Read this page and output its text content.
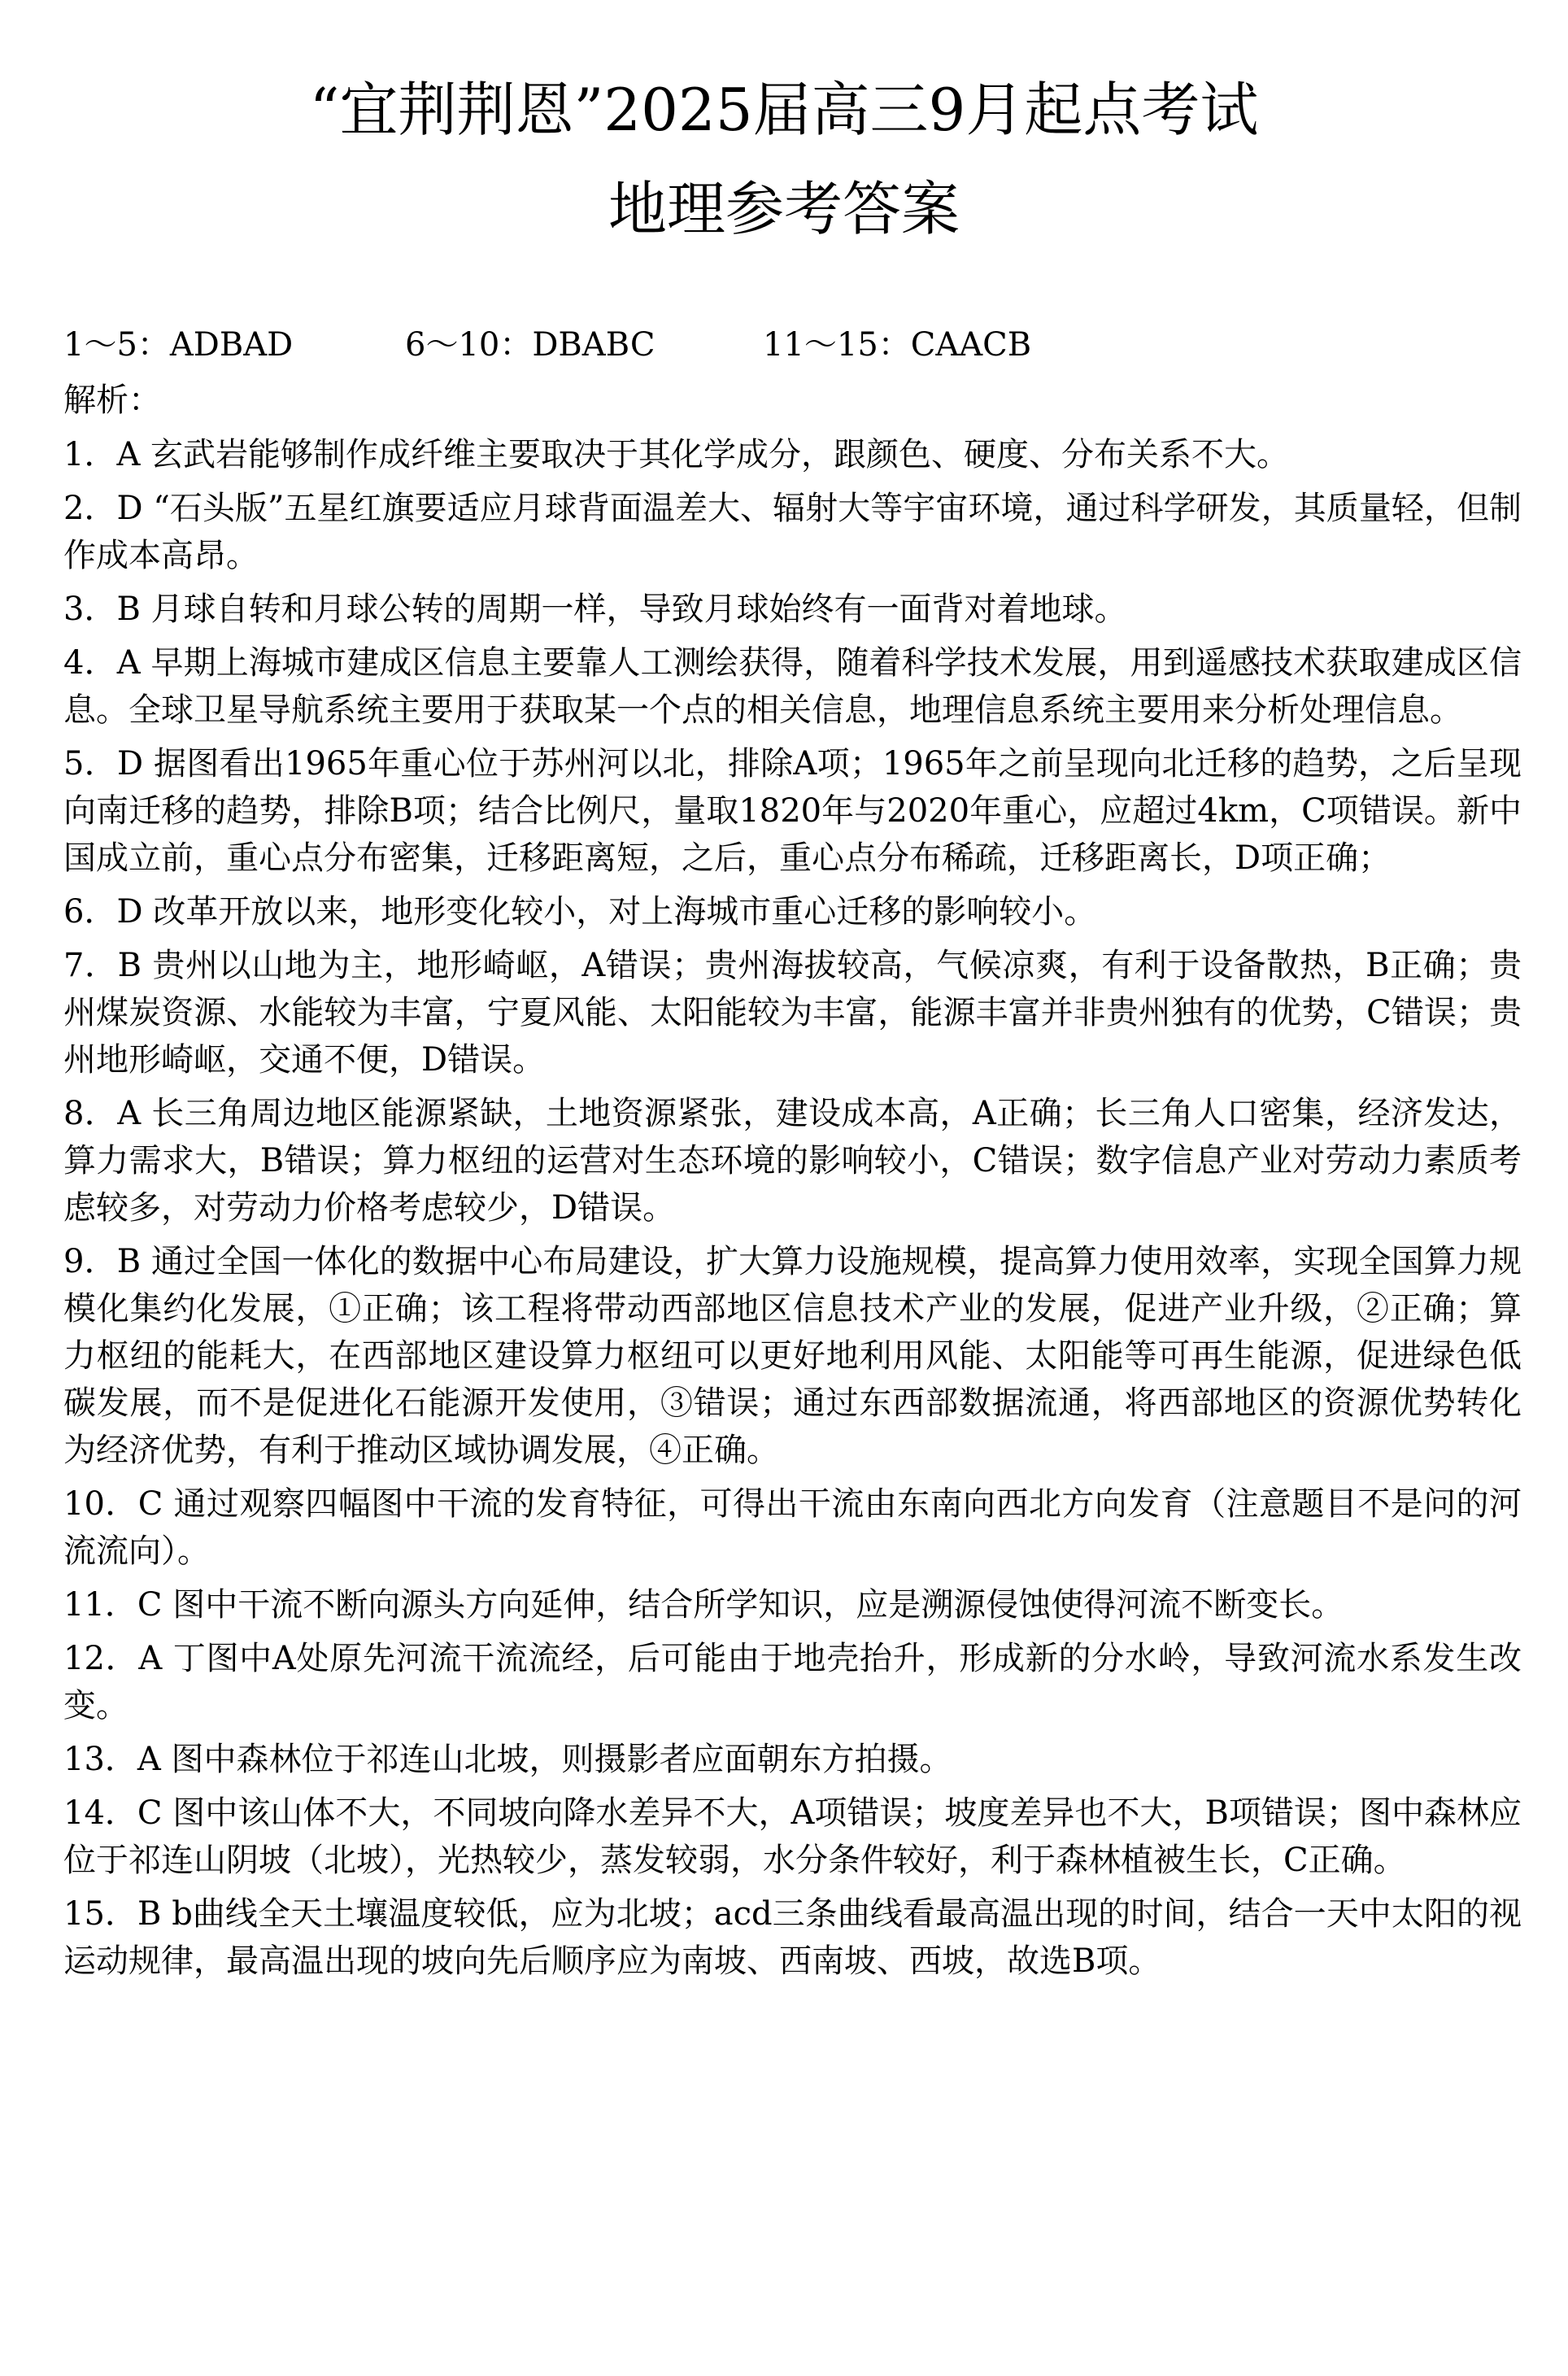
“宜荆荆恩”2025届高三9月起点考试
地理参考答案
1～5：ADBAD	6～10：DBABC	11～15：CAACB
解析：

1．A 玄武岩能够制作成纤维主要取决于其化学成分，跟颜色、硬度、分布关系不大。

2．D “石头版”五星红旗要适应月球背面温差大、辐射大等宇宙环境，通过科学研发，其质量轻，但制作成本高昂。

3．B 月球自转和月球公转的周期一样，导致月球始终有一面背对着地球。

4．A 早期上海城市建成区信息主要靠人工测绘获得，随着科学技术发展，用到遥感技术获取建成区信息。全球卫星导航系统主要用于获取某一个点的相关信息，地理信息系统主要用来分析处理信息。

5．D 据图看出1965年重心位于苏州河以北，排除A项；1965年之前呈现向北迁移的趋势，之后呈现向南迁移的趋势，排除B项；结合比例尺，量取1820年与2020年重心，应超过4km，C项错误。新中国成立前，重心点分布密集，迁移距离短，之后，重心点分布稀疏，迁移距离长，D项正确；

6．D 改革开放以来，地形变化较小，对上海城市重心迁移的影响较小。

7．B 贵州以山地为主，地形崎岖，A错误；贵州海拔较高，气候凉爽，有利于设备散热，B正确；贵州煤炭资源、水能较为丰富，宁夏风能、太阳能较为丰富，能源丰富并非贵州独有的优势，C错误；贵州地形崎岖，交通不便，D错误。

8．A 长三角周边地区能源紧缺，土地资源紧张，建设成本高，A正确；长三角人口密集，经济发达，算力需求大，B错误；算力枢纽的运营对生态环境的影响较小，C错误；数字信息产业对劳动力素质考虑较多，对劳动力价格考虑较少，D错误。

9．B 通过全国一体化的数据中心布局建设，扩大算力设施规模，提高算力使用效率，实现全国算力规模化集约化发展，①正确；该工程将带动西部地区信息技术产业的发展，促进产业升级，②正确；算力枢纽的能耗大，在西部地区建设算力枢纽可以更好地利用风能、太阳能等可再生能源，促进绿色低碳发展，而不是促进化石能源开发使用，③错误；通过东西部数据流通，将西部地区的资源优势转化为经济优势，有利于推动区域协调发展，④正确。

10．C 通过观察四幅图中干流的发育特征，可得出干流由东南向西北方向发育（注意题目不是问的河流流向）。

11．C 图中干流不断向源头方向延伸，结合所学知识，应是溯源侵蚀使得河流不断变长。

12．A 丁图中A处原先河流干流流经，后可能由于地壳抬升，形成新的分水岭，导致河流水系发生改变。

13．A 图中森林位于祁连山北坡，则摄影者应面朝东方拍摄。

14．C 图中该山体不大，不同坡向降水差异不大，A项错误；坡度差异也不大，B项错误；图中森林应位于祁连山阴坡（北坡），光热较少，蒸发较弱，水分条件较好，利于森林植被生长，C正确。

15．B b曲线全天土壤温度较低，应为北坡；acd三条曲线看最高温出现的时间，结合一天中太阳的视运动规律，最高温出现的坡向先后顺序应为南坡、西南坡、西坡，故选B项。
